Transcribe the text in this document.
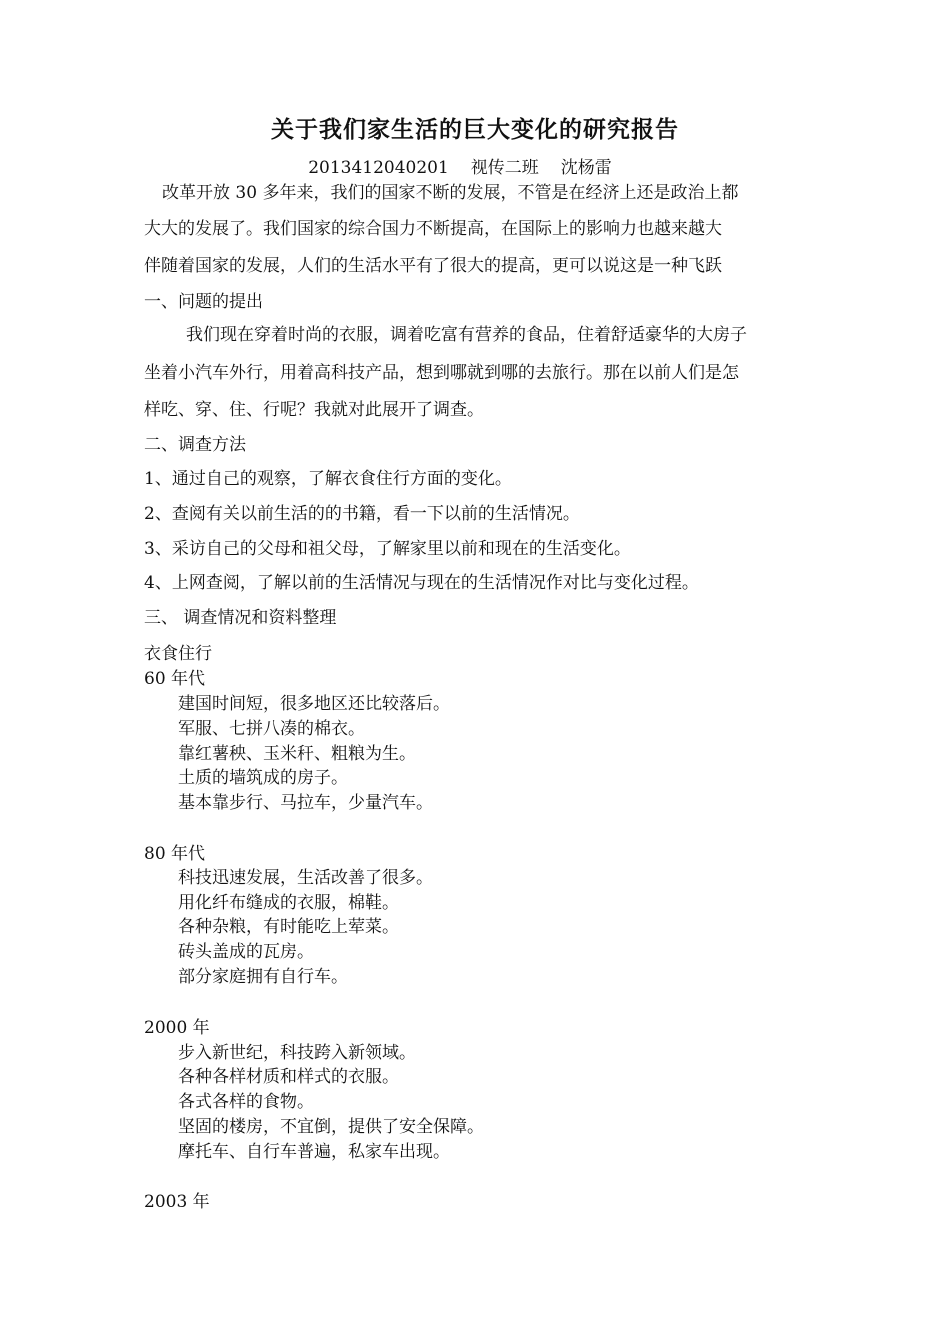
关于我们家生活的巨大变化的研究报告
2013412040201 视传二班 沈杨雷
改革开放 30 多年来，我们的国家不断的发展，不管是在经济上还是政治上都
大大的发展了。我们国家的综合国力不断提高，在国际上的影响力也越来越大
伴随着国家的发展，人们的生活水平有了很大的提高，更可以说这是一种飞跃
一、问题的提出
我们现在穿着时尚的衣服，调着吃富有营养的食品，住着舒适豪华的大房子
坐着小汽车外行，用着高科技产品，想到哪就到哪的去旅行。那在以前人们是怎
样吃、穿、住、行呢？我就对此展开了调查。
二、调查方法
1、通过自己的观察，了解衣食住行方面的变化。
2、查阅有关以前生活的的书籍，看一下以前的生活情况。
3、采访自己的父母和祖父母，了解家里以前和现在的生活变化。
4、上网查阅，了解以前的生活情况与现在的生活情况作对比与变化过程。
三、 调查情况和资料整理
衣食住行
60 年代
建国时间短，很多地区还比较落后。
军服、七拼八凑的棉衣。
靠红薯秧、玉米秆、粗粮为生。
土质的墙筑成的房子。
基本靠步行、马拉车，少量汽车。
80 年代
科技迅速发展，生活改善了很多。
用化纤布缝成的衣服，棉鞋。
各种杂粮，有时能吃上荤菜。
砖头盖成的瓦房。
部分家庭拥有自行车。
2000 年
步入新世纪，科技跨入新领域。
各种各样材质和样式的衣服。
各式各样的食物。
坚固的楼房，不宜倒，提供了安全保障。
摩托车、自行车普遍，私家车出现。
2003 年
